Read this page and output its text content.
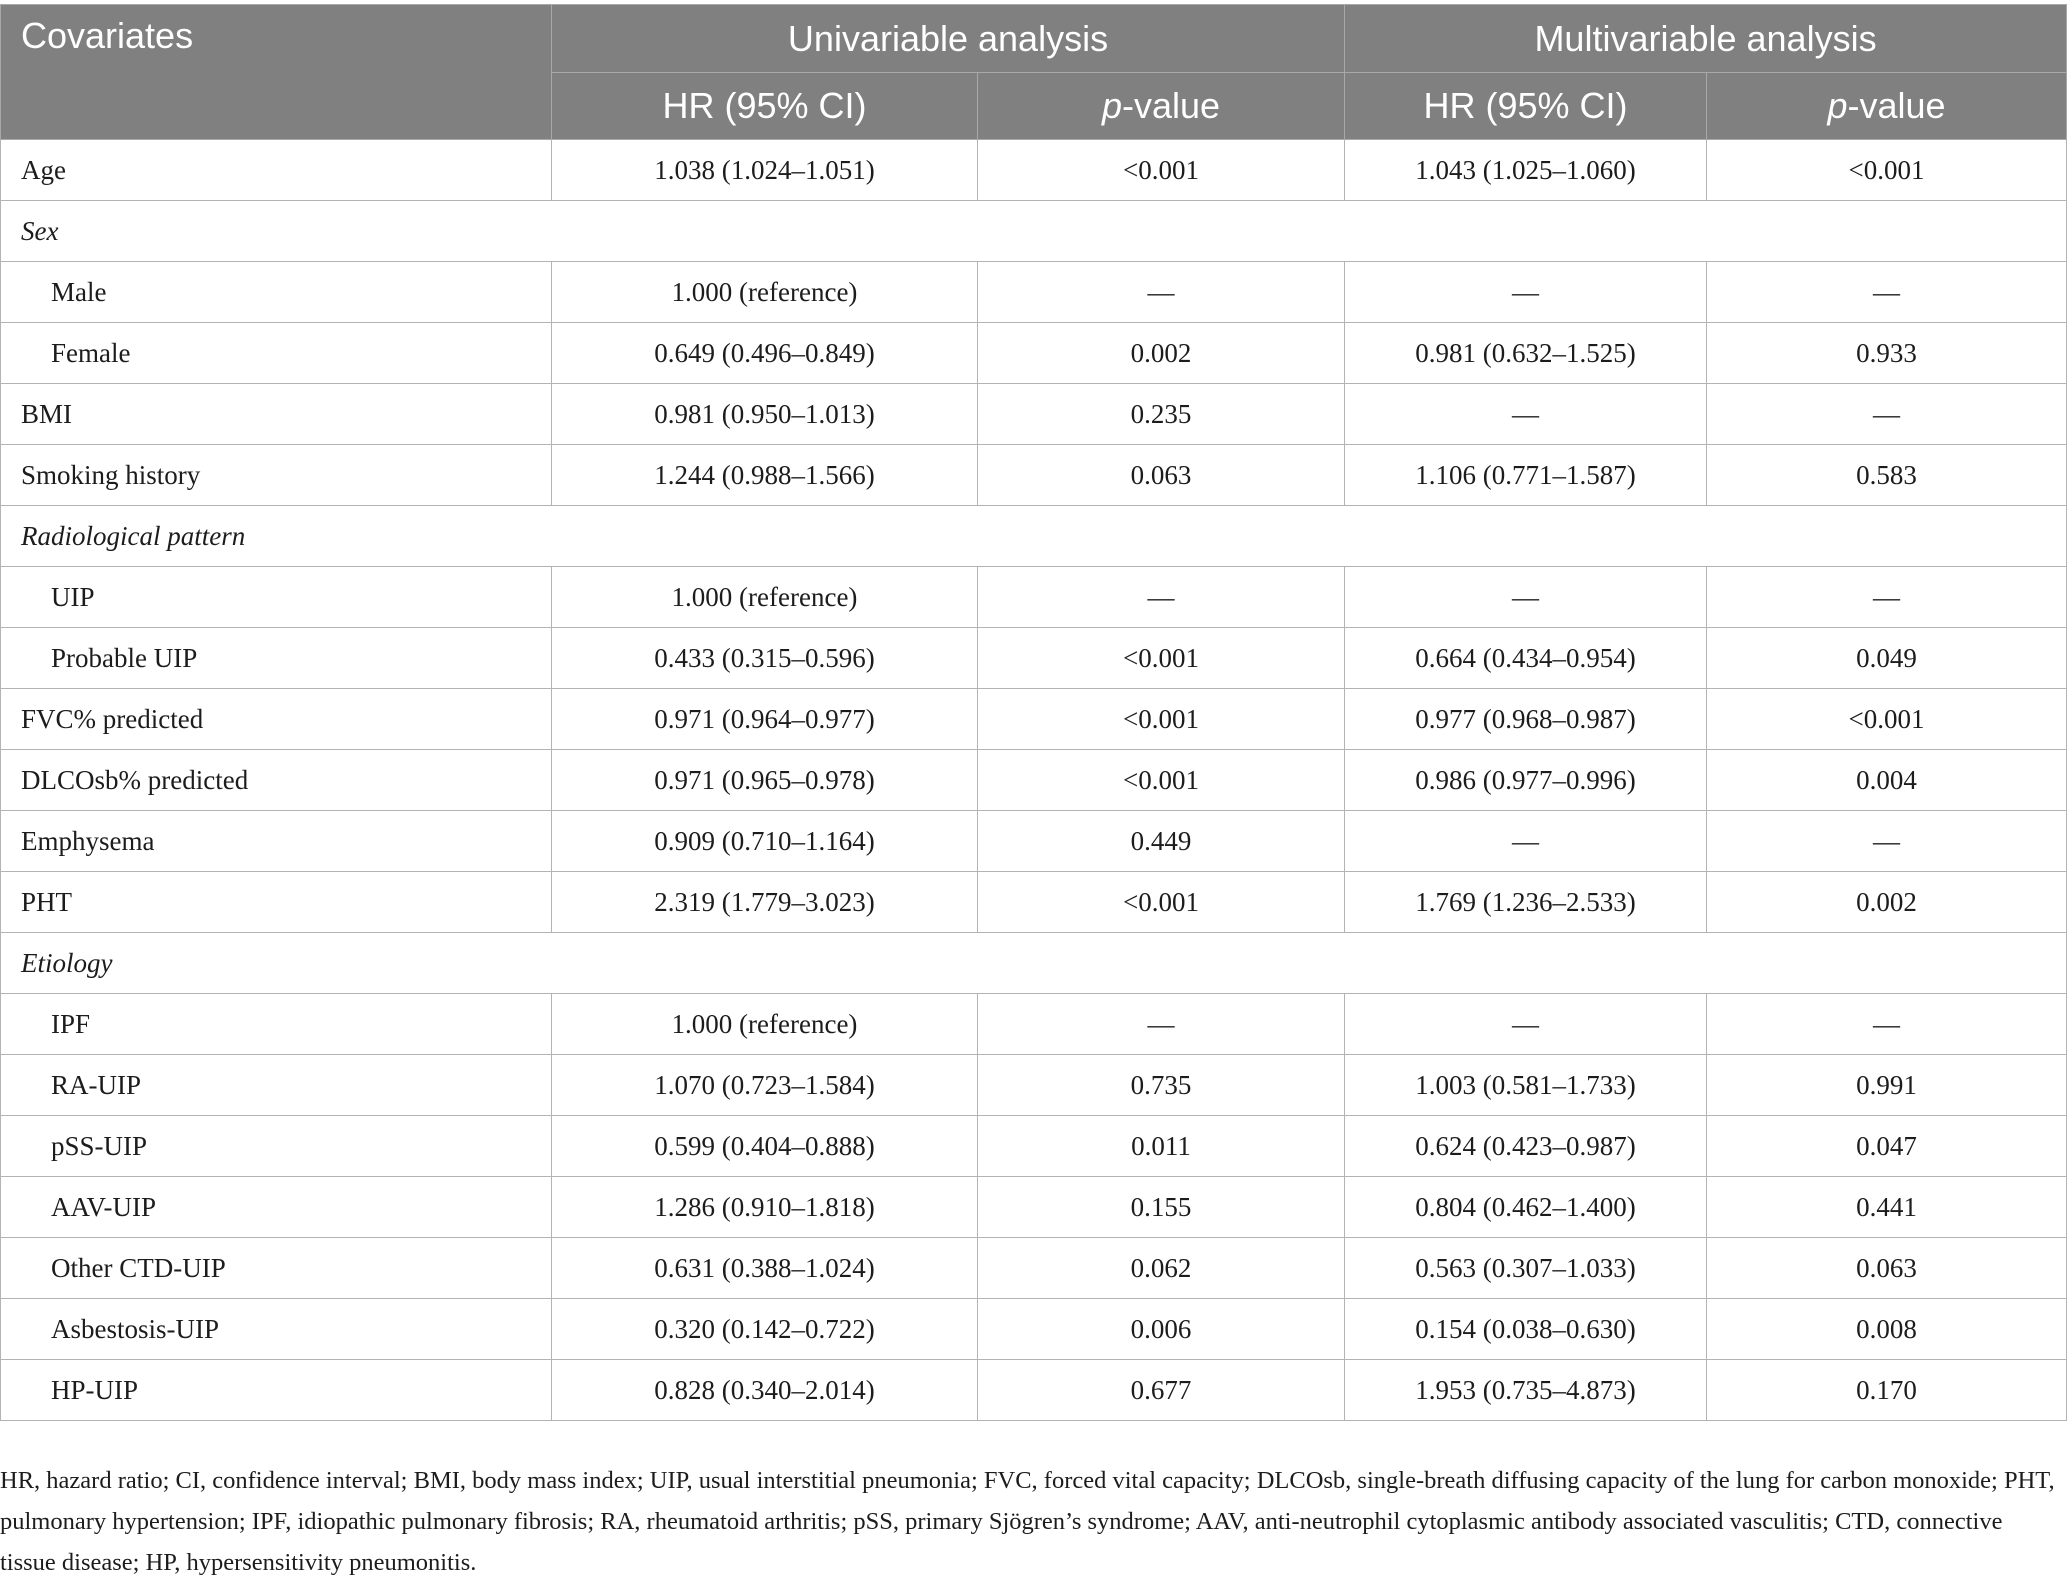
Covariates	Univariable analysis		Multivariable analysis	
	HR (95% CI)	p-value	HR (95% CI)	p-value
Age	1.038 (1.024–1.051)	<0.001	1.043 (1.025–1.060)	<0.001
Sex				
Male	1.000 (reference)	—	—	—
Female	0.649 (0.496–0.849)	0.002	0.981 (0.632–1.525)	0.933
BMI	0.981 (0.950–1.013)	0.235	—	—
Smoking history	1.244 (0.988–1.566)	0.063	1.106 (0.771–1.587)	0.583
Radiological pattern				
UIP	1.000 (reference)	—	—	—
Probable UIP	0.433 (0.315–0.596)	<0.001	0.664 (0.434–0.954)	0.049
FVC% predicted	0.971 (0.964–0.977)	<0.001	0.977 (0.968–0.987)	<0.001
DLCOsb% predicted	0.971 (0.965–0.978)	<0.001	0.986 (0.977–0.996)	0.004
Emphysema	0.909 (0.710–1.164)	0.449	—	—
PHT	2.319 (1.779–3.023)	<0.001	1.769 (1.236–2.533)	0.002
Etiology				
IPF	1.000 (reference)	—	—	—
RA-UIP	1.070 (0.723–1.584)	0.735	1.003 (0.581–1.733)	0.991
pSS-UIP	0.599 (0.404–0.888)	0.011	0.624 (0.423–0.987)	0.047
AAV-UIP	1.286 (0.910–1.818)	0.155	0.804 (0.462–1.400)	0.441
Other CTD-UIP	0.631 (0.388–1.024)	0.062	0.563 (0.307–1.033)	0.063
Asbestosis-UIP	0.320 (0.142–0.722)	0.006	0.154 (0.038–0.630)	0.008
HP-UIP	0.828 (0.340–2.014)	0.677	1.953 (0.735–4.873)	0.170
HR, hazard ratio; CI, confidence interval; BMI, body mass index; UIP, usual interstitial pneumonia; FVC, forced vital capacity; DLCOsb, single-breath diffusing capacity of the lung for carbon monoxide; PHT, pulmonary hypertension; IPF, idiopathic pulmonary fibrosis; RA, rheumatoid arthritis; pSS, primary Sjögren’s syndrome; AAV, anti-neutrophil cytoplasmic antibody associated vasculitis; CTD, connective tissue disease; HP, hypersensitivity pneumonitis.
